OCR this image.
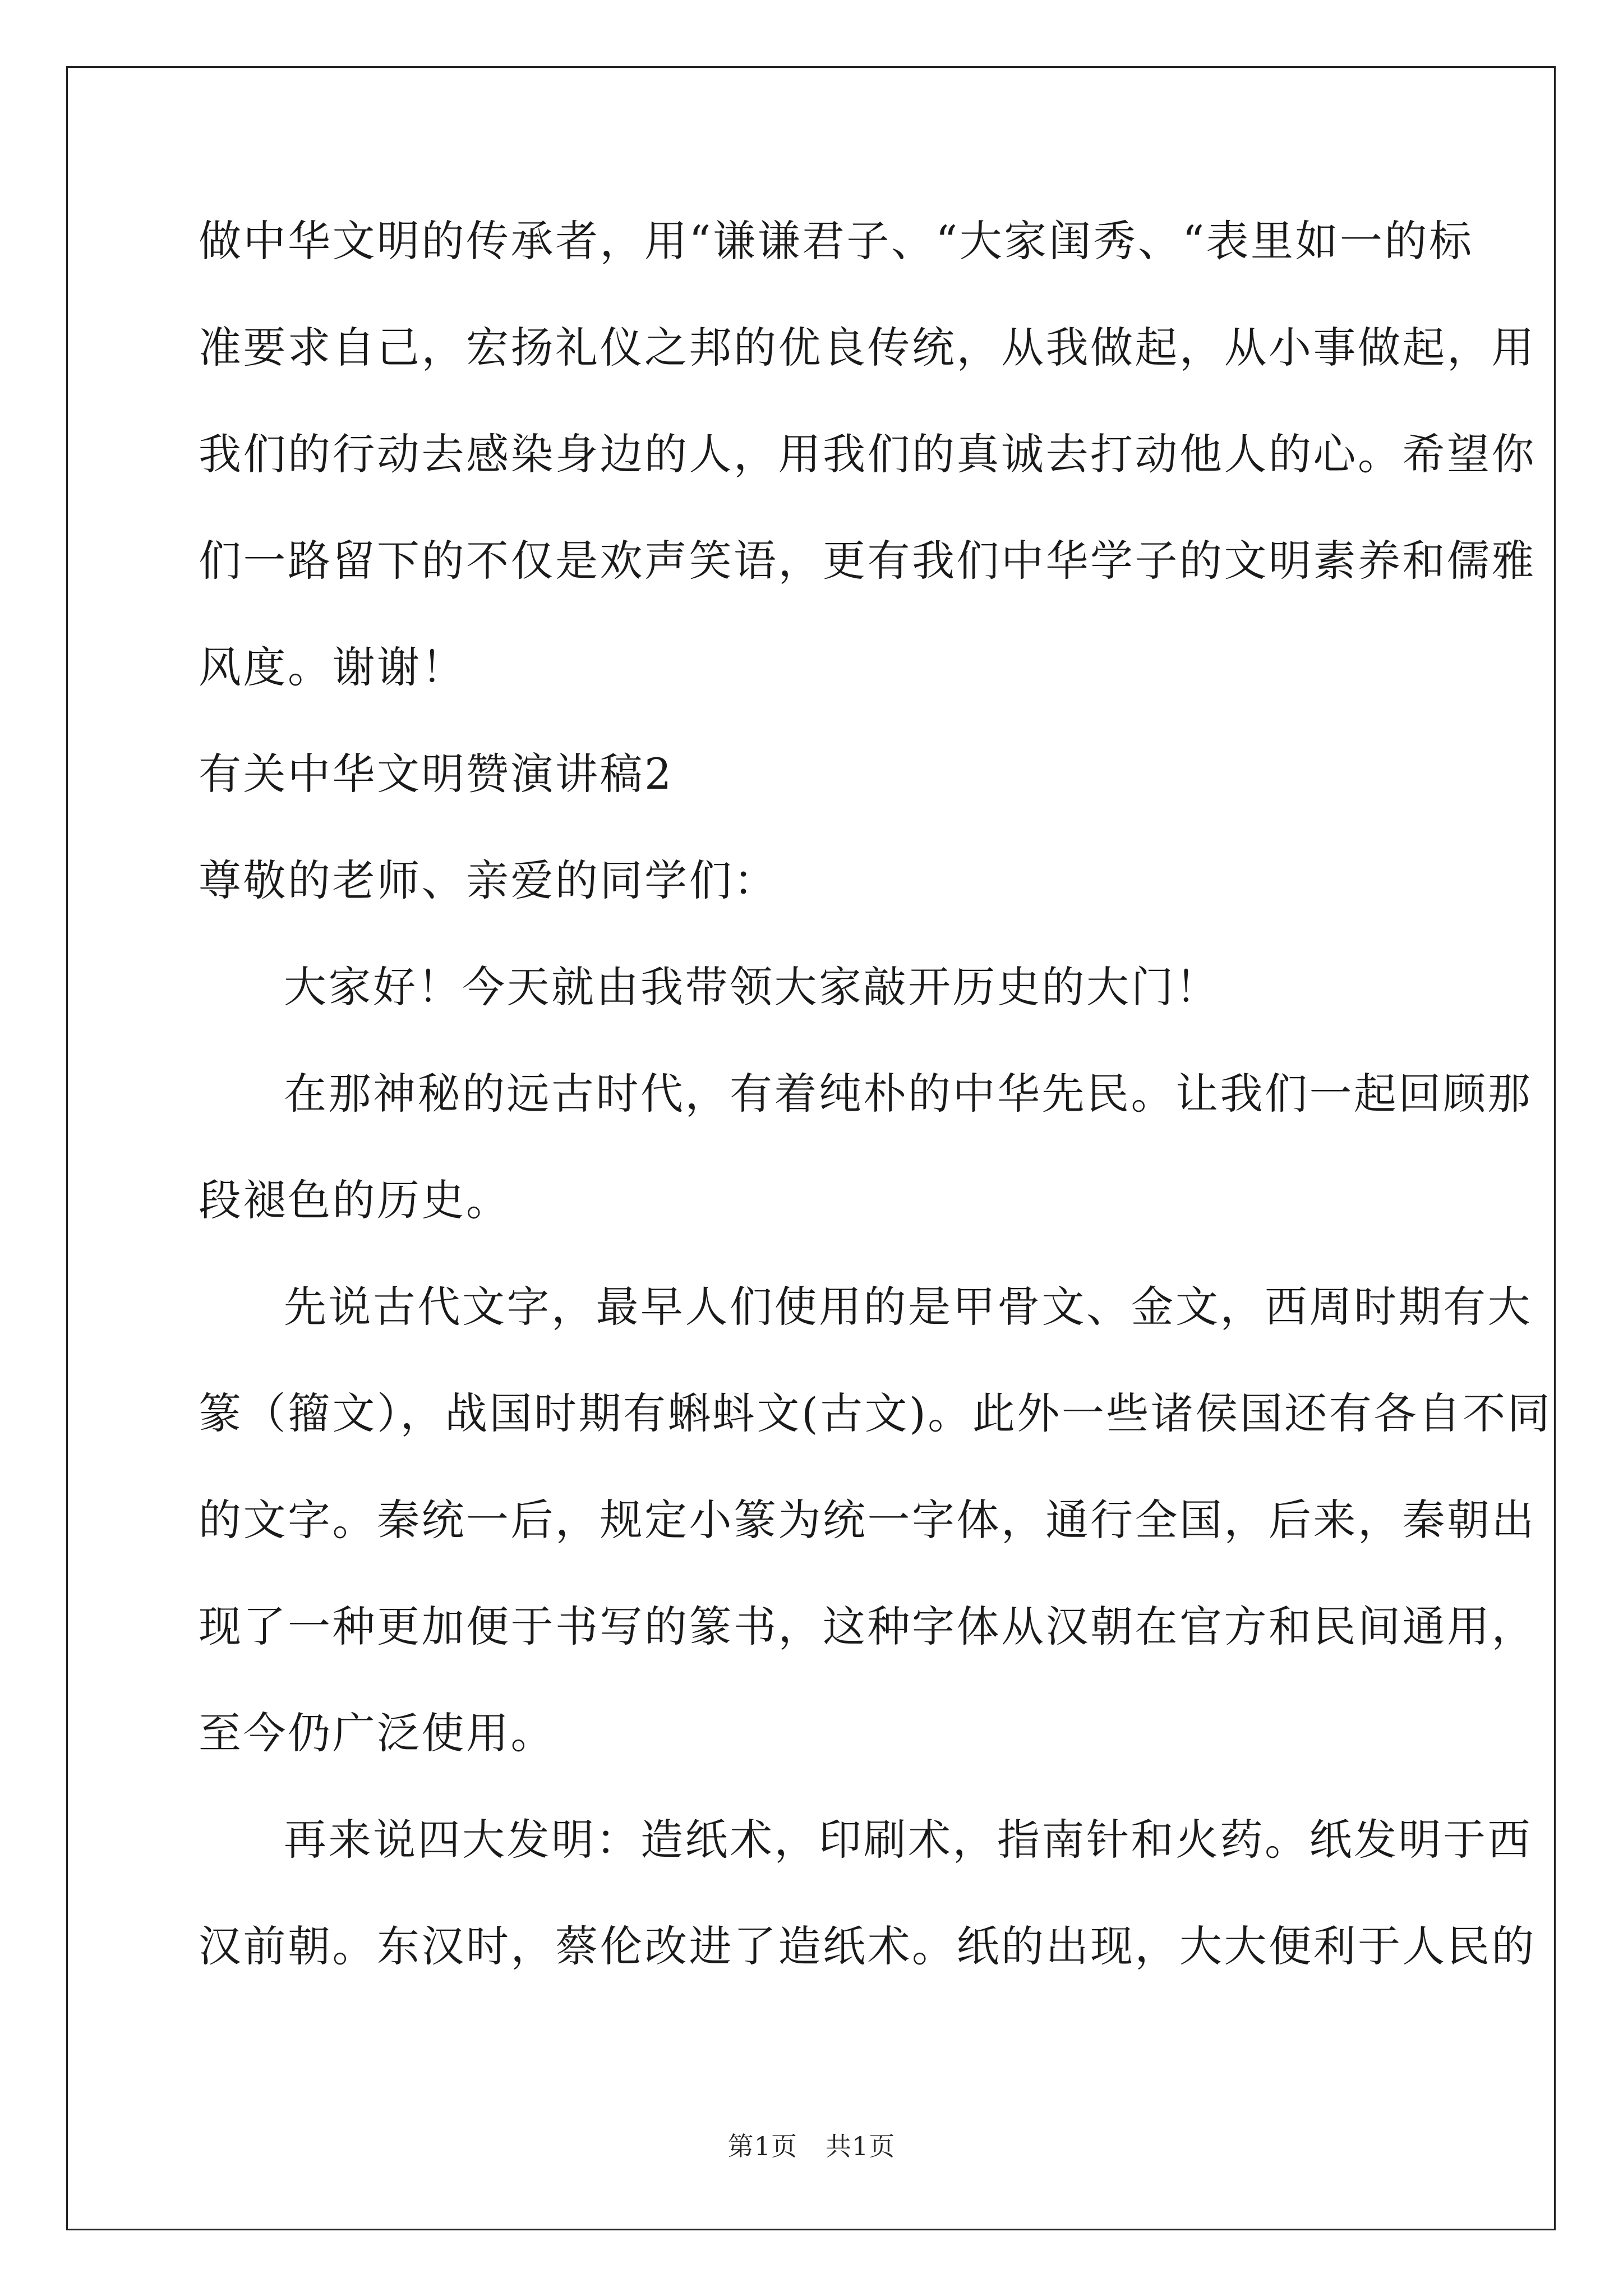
做中华文明的传承者，用“谦谦君子、“大家闺秀、“表里如一的标
准要求自己，宏扬礼仪之邦的优良传统，从我做起，从小事做起，用
我们的行动去感染身边的人，用我们的真诚去打动他人的心。希望你
们一路留下的不仅是欢声笑语，更有我们中华学子的文明素养和儒雅
风度。谢谢！
有关中华文明赞演讲稿2
尊敬的老师、亲爱的同学们：
大家好！今天就由我带领大家敲开历史的大门！
在那神秘的远古时代，有着纯朴的中华先民。让我们一起回顾那
段褪色的历史。
先说古代文字，最早人们使用的是甲骨文、金文，西周时期有大
篆（籀文），战国时期有蝌蚪文(古文)。此外一些诸侯国还有各自不同
的文字。秦统一后，规定小篆为统一字体，通行全国，后来，秦朝出
现了一种更加便于书写的篆书，这种字体从汉朝在官方和民间通用，
至今仍广泛使用。
再来说四大发明：造纸术，印刷术，指南针和火药。纸发明于西
汉前朝。东汉时，蔡伦改进了造纸术。纸的出现，大大便利于人民的
第1页 共1页
